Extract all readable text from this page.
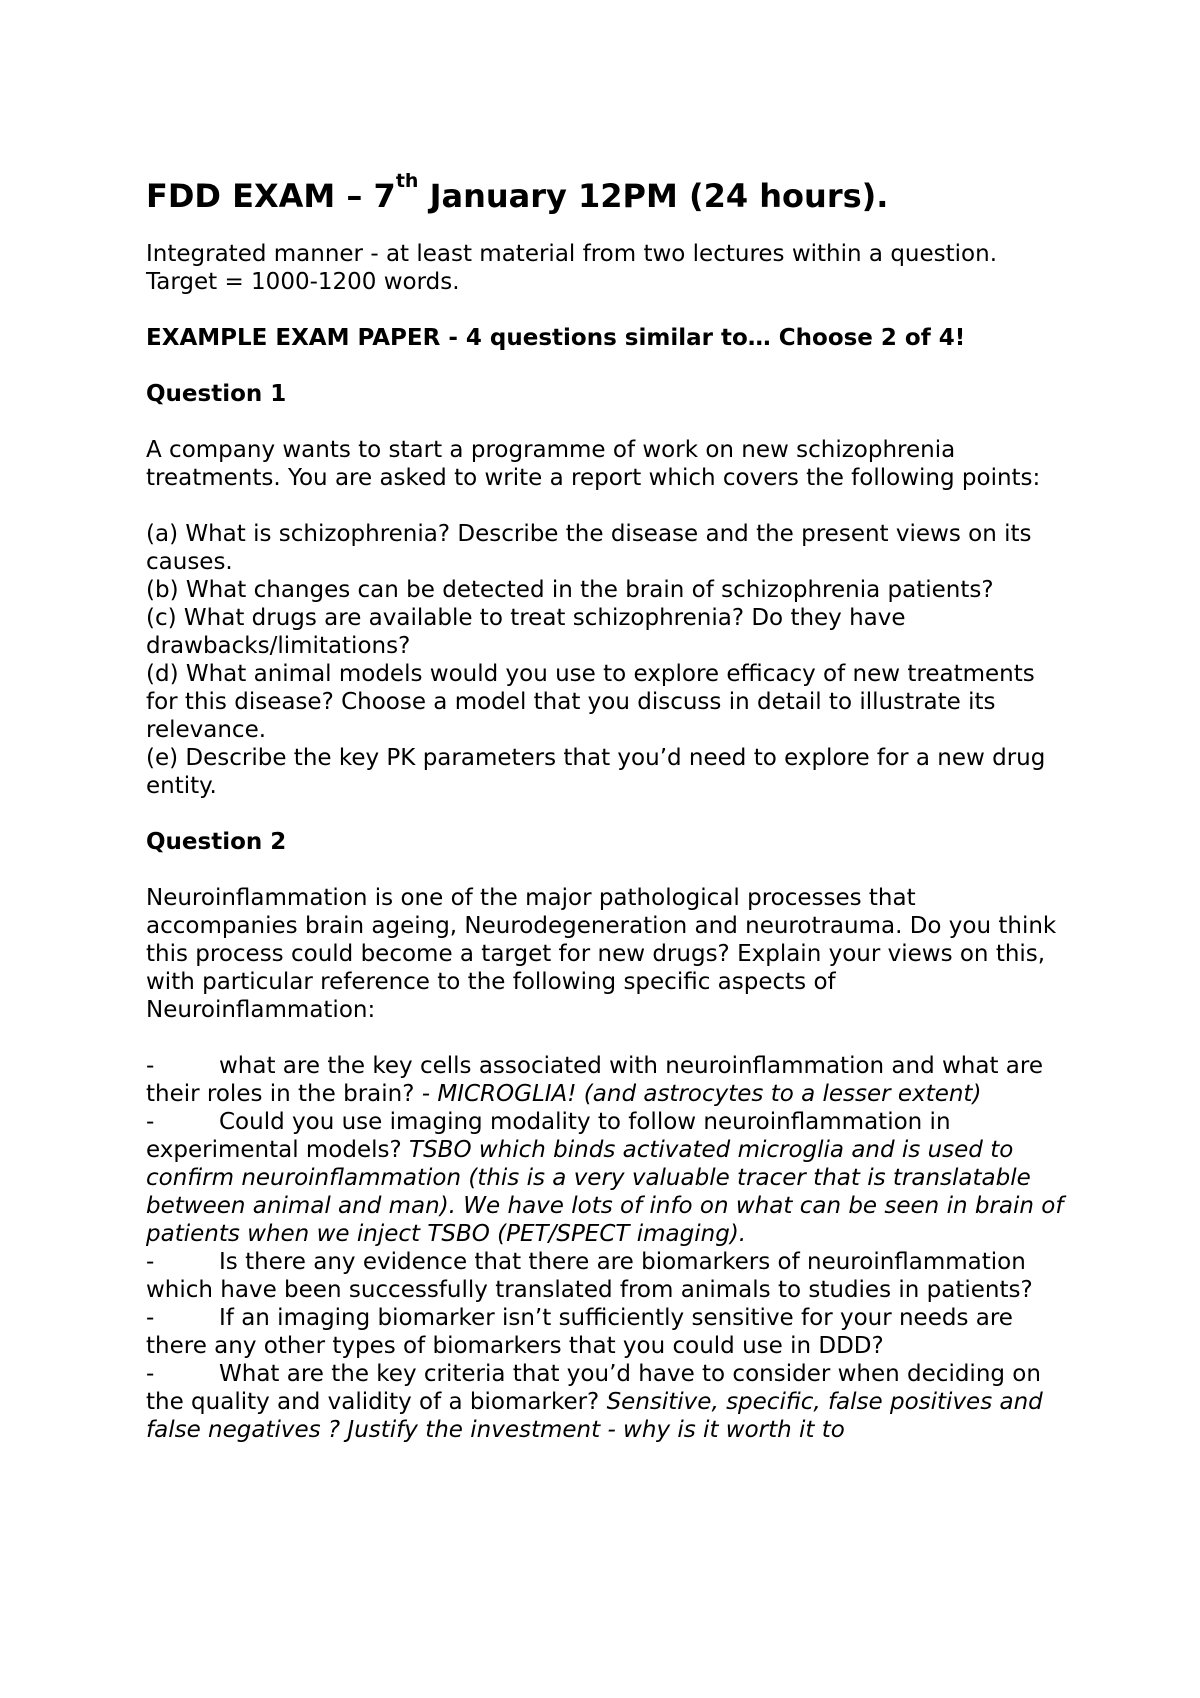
FDD EXAM – 7th January 12PM (24 hours).

Integrated manner - at least material from two lectures within a question.

Target = 1000-1200 words.

EXAMPLE EXAM PAPER - 4 questions similar to… Choose 2 of 4!

Question 1

A company wants to start a programme of work on new schizophrenia treatments. You are asked to write a report which covers the following points:

(a) What is schizophrenia? Describe the disease and the present views on its causes.

(b) What changes can be detected in the brain of schizophrenia patients?

(c) What drugs are available to treat schizophrenia? Do they have drawbacks/limitations?

(d) What animal models would you use to explore efficacy of new treatments for this disease? Choose a model that you discuss in detail to illustrate its relevance.

(e) Describe the key PK parameters that you’d need to explore for a new drug entity.

Question 2

Neuroinflammation is one of the major pathological processes that accompanies brain ageing, Neurodegeneration and neurotrauma. Do you think this process could become a target for new drugs? Explain your views on this, with particular reference to the following specific aspects of Neuroinflammation:

-	what are the key cells associated with neuroinflammation and what are their roles in the brain? - MICROGLIA! (and astrocytes to a lesser extent)

-	Could you use imaging modality to follow neuroinflammation in experimental models? TSBO which binds activated microglia and is used to confirm neuroinflammation (this is a very valuable tracer that is translatable between animal and man). We have lots of info on what can be seen in brain of patients when we inject TSBO (PET/SPECT imaging).

-	Is there any evidence that there are biomarkers of neuroinflammation which have been successfully translated from animals to studies in patients?

-	If an imaging biomarker isn’t sufficiently sensitive for your needs are there any other types of biomarkers that you could use in DDD?

-	What are the key criteria that you’d have to consider when deciding on the quality and validity of a biomarker? Sensitive, specific, false positives and false negatives ? Justify the investment - why is it worth it to
